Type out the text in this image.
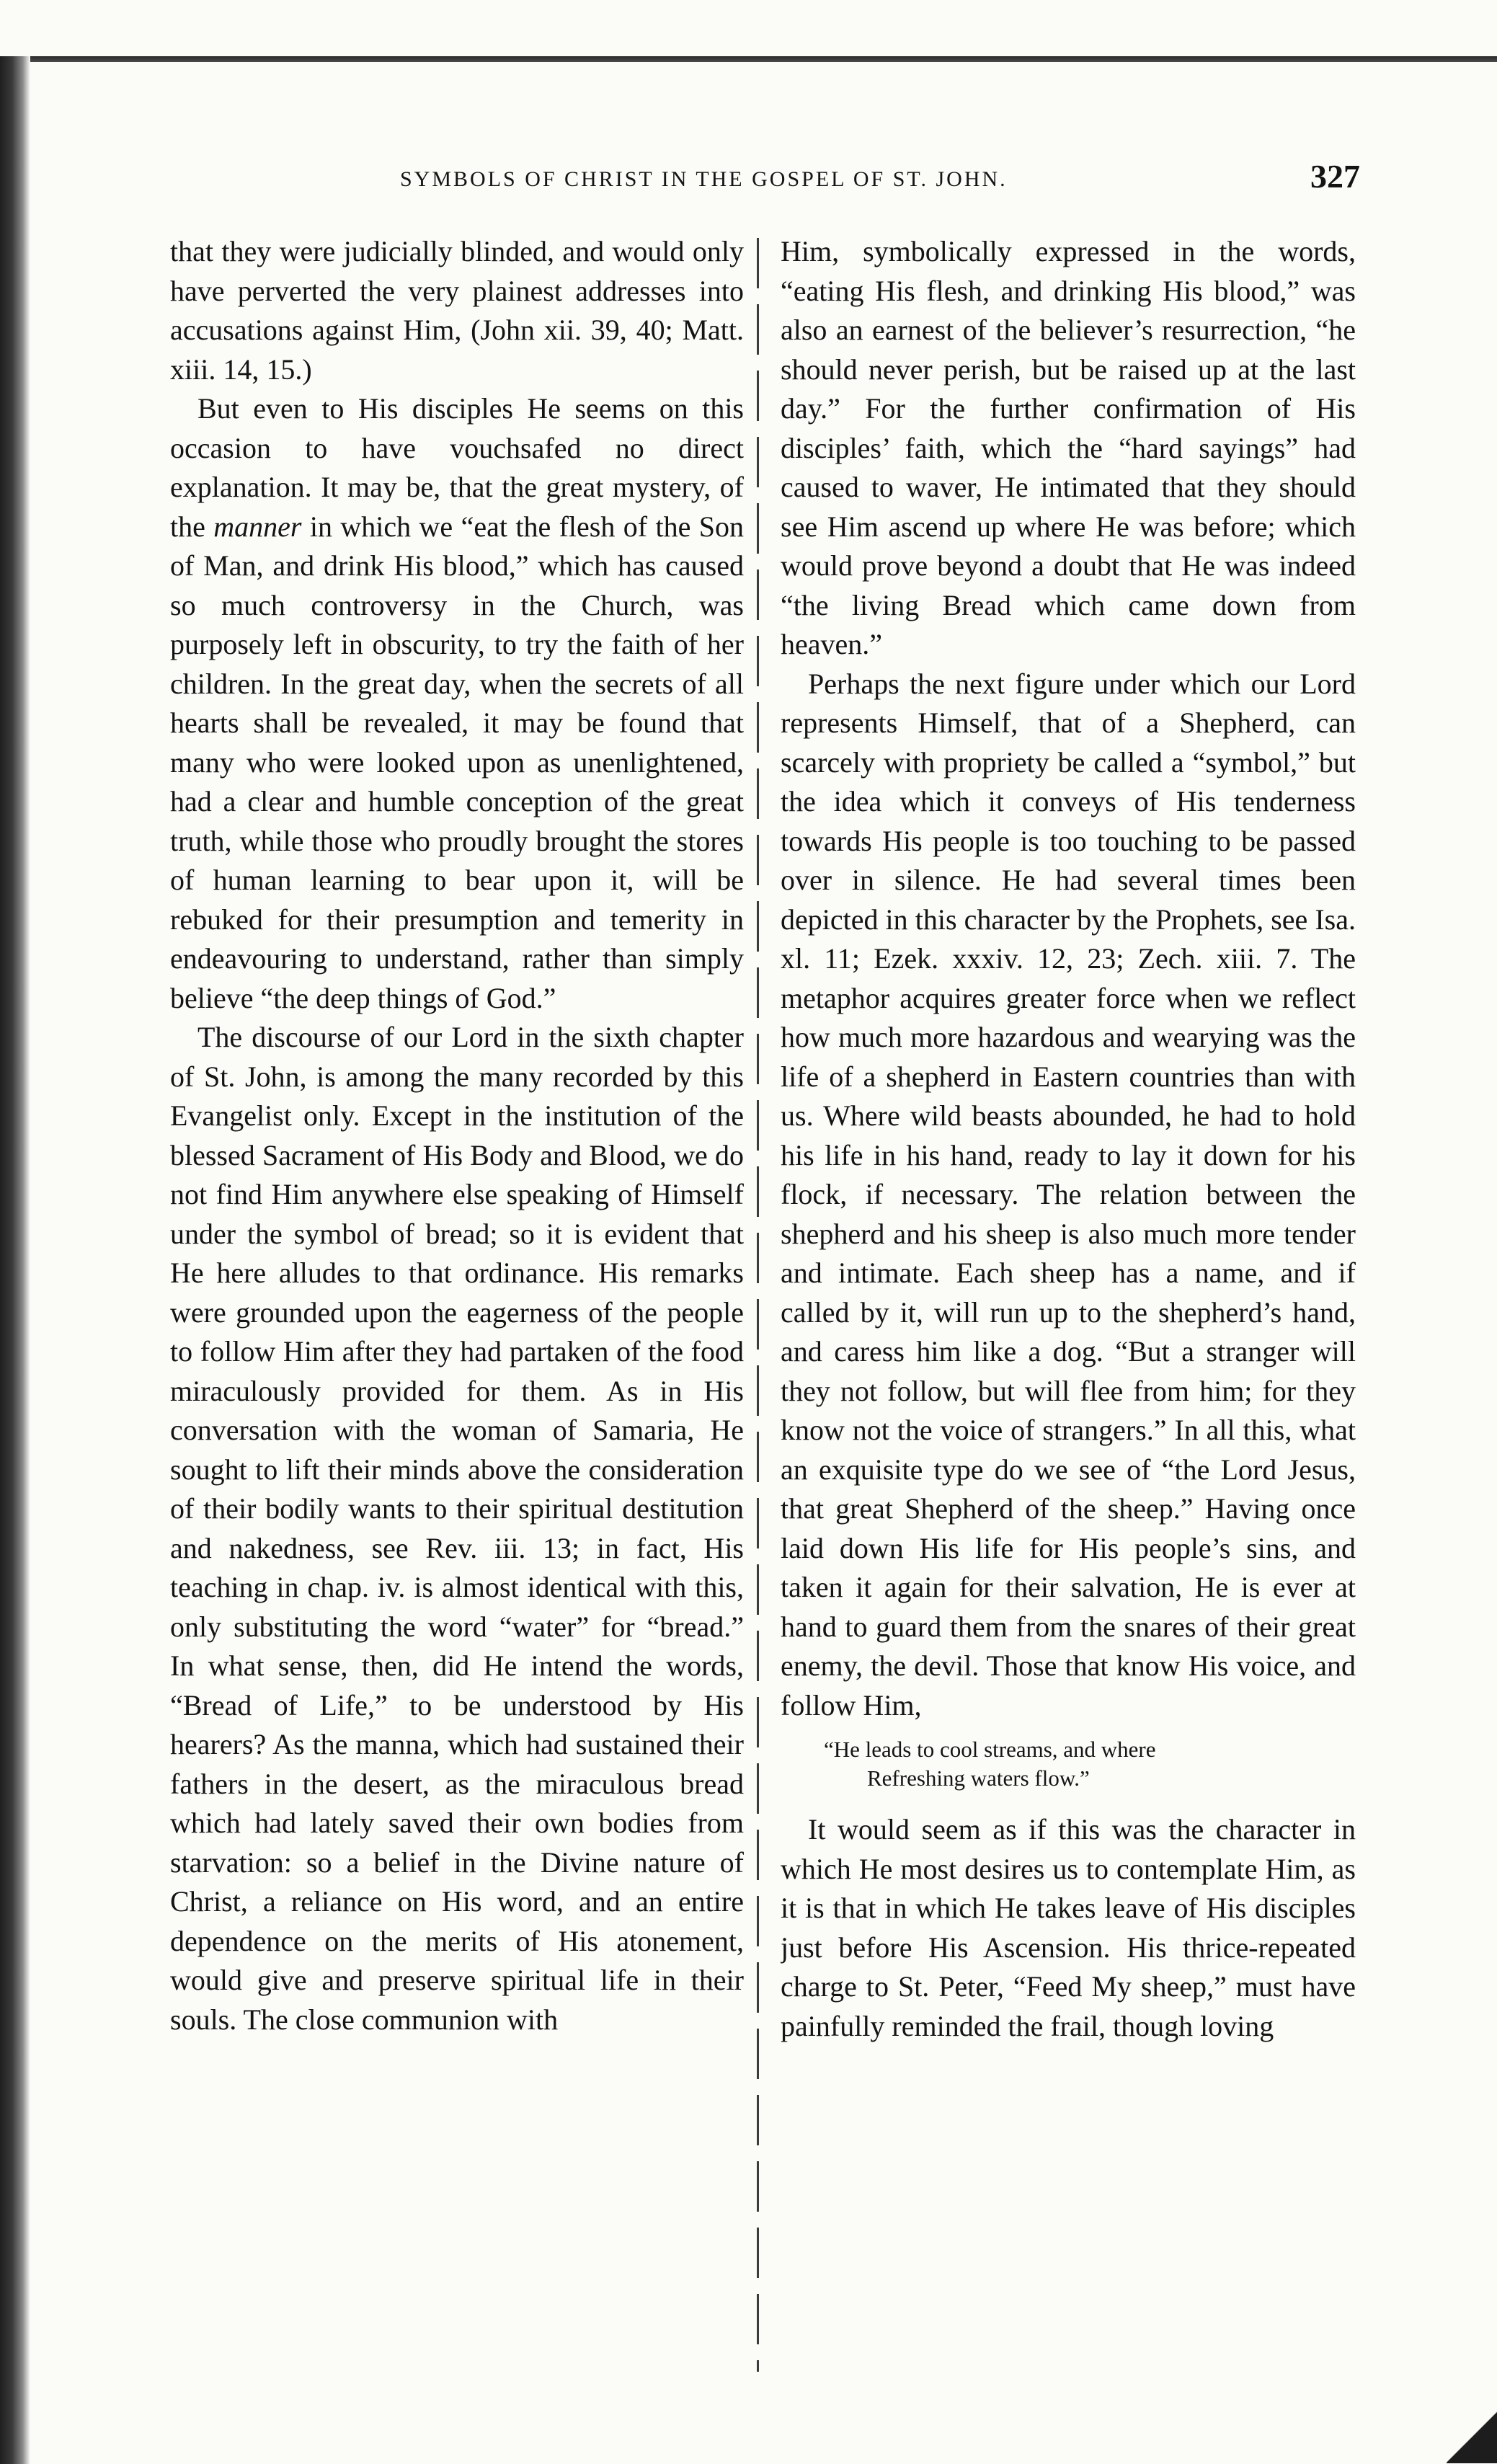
SYMBOLS OF CHRIST IN THE GOSPEL OF ST. JOHN.	327

that they were judicially blinded, and would only have perverted the very plainest addresses into accusations against Him, (John xii. 39, 40; Matt. xiii. 14, 15.)

But even to His disciples He seems on this occasion to have vouchsafed no direct explanation. It may be, that the great mystery, of the manner in which we “eat the flesh of the Son of Man, and drink His blood,” which has caused so much controversy in the Church, was purposely left in obscurity, to try the faith of her children. In the great day, when the secrets of all hearts shall be revealed, it may be found that many who were looked upon as unenlightened, had a clear and humble conception of the great truth, while those who proudly brought the stores of human learning to bear upon it, will be rebuked for their presumption and temerity in endeavouring to understand, rather than simply believe “the deep things of God.”

The discourse of our Lord in the sixth chapter of St. John, is among the many recorded by this Evangelist only. Except in the institution of the blessed Sacrament of His Body and Blood, we do not find Him anywhere else speaking of Himself under the symbol of bread; so it is evident that He here alludes to that ordinance. His remarks were grounded upon the eagerness of the people to follow Him after they had partaken of the food miraculously provided for them. As in His conversation with the woman of Samaria, He sought to lift their minds above the consideration of their bodily wants to their spiritual destitution and nakedness, see Rev. iii. 13; in fact, His teaching in chap. iv. is almost identical with this, only substituting the word “water” for “bread.” In what sense, then, did He intend the words, “Bread of Life,” to be understood by His hearers? As the manna, which had sustained their fathers in the desert, as the miraculous bread which had lately saved their own bodies from starvation: so a belief in the Divine nature of Christ, a reliance on His word, and an entire dependence on the merits of His atonement, would give and preserve spiritual life in their souls. The close communion with

Him, symbolically expressed in the words, “eating His flesh, and drinking His blood,” was also an earnest of the believer’s resurrection, “he should never perish, but be raised up at the last day.” For the further confirmation of His disciples’ faith, which the “hard sayings” had caused to waver, He intimated that they should see Him ascend up where He was before; which would prove beyond a doubt that He was indeed “the living Bread which came down from heaven.”

Perhaps the next figure under which our Lord represents Himself, that of a Shepherd, can scarcely with propriety be called a “symbol,” but the idea which it conveys of His tenderness towards His people is too touching to be passed over in silence. He had several times been depicted in this character by the Prophets, see Isa. xl. 11; Ezek. xxxiv. 12, 23; Zech. xiii. 7. The metaphor acquires greater force when we reflect how much more hazardous and wearying was the life of a shepherd in Eastern countries than with us. Where wild beasts abounded, he had to hold his life in his hand, ready to lay it down for his flock, if necessary. The relation between the shepherd and his sheep is also much more tender and intimate. Each sheep has a name, and if called by it, will run up to the shepherd’s hand, and caress him like a dog. “But a stranger will they not follow, but will flee from him; for they know not the voice of strangers.” In all this, what an exquisite type do we see of “the Lord Jesus, that great Shepherd of the sheep.” Having once laid down His life for His people’s sins, and taken it again for their salvation, He is ever at hand to guard them from the snares of their great enemy, the devil. Those that know His voice, and follow Him,

“He leads to cool streams, and where
Refreshing waters flow.”

It would seem as if this was the character in which He most desires us to contemplate Him, as it is that in which He takes leave of His disciples just before His Ascension. His thrice-repeated charge to St. Peter, “Feed My sheep,” must have painfully reminded the frail, though loving
